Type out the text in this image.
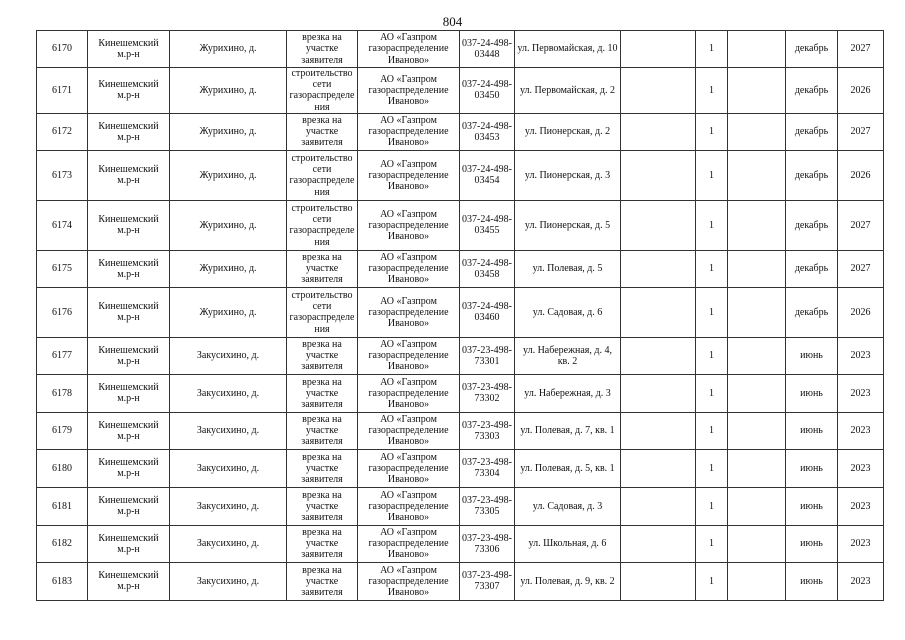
804
6170	Кинешемский м.р-н	Журихино, д.	врезка на участке заявителя	АО «Газпром газораспределение Иваново»	037-24-498-03448	ул. Первомайская, д. 10		1		декабрь	2027
6171	Кинешемский м.р-н	Журихино, д.	строительство сети газораспределения	АО «Газпром газораспределение Иваново»	037-24-498-03450	ул. Первомайская, д. 2		1		декабрь	2026
6172	Кинешемский м.р-н	Журихино, д.	врезка на участке заявителя	АО «Газпром газораспределение Иваново»	037-24-498-03453	ул. Пионерская, д. 2		1		декабрь	2027
6173	Кинешемский м.р-н	Журихино, д.	строительство сети газораспределения	АО «Газпром газораспределение Иваново»	037-24-498-03454	ул. Пионерская, д. 3		1		декабрь	2026
6174	Кинешемский м.р-н	Журихино, д.	строительство сети газораспределения	АО «Газпром газораспределение Иваново»	037-24-498-03455	ул. Пионерская, д. 5		1		декабрь	2027
6175	Кинешемский м.р-н	Журихино, д.	врезка на участке заявителя	АО «Газпром газораспределение Иваново»	037-24-498-03458	ул. Полевая, д. 5		1		декабрь	2027
6176	Кинешемский м.р-н	Журихино, д.	строительство сети газораспределения	АО «Газпром газораспределение Иваново»	037-24-498-03460	ул. Садовая, д. 6		1		декабрь	2026
6177	Кинешемский м.р-н	Закусихино, д.	врезка на участке заявителя	АО «Газпром газораспределение Иваново»	037-23-498-73301	ул. Набережная, д. 4, кв. 2		1		июнь	2023
6178	Кинешемский м.р-н	Закусихино, д.	врезка на участке заявителя	АО «Газпром газораспределение Иваново»	037-23-498-73302	ул. Набережная, д. 3		1		июнь	2023
6179	Кинешемский м.р-н	Закусихино, д.	врезка на участке заявителя	АО «Газпром газораспределение Иваново»	037-23-498-73303	ул. Полевая, д. 7, кв. 1		1		июнь	2023
6180	Кинешемский м.р-н	Закусихино, д.	врезка на участке заявителя	АО «Газпром газораспределение Иваново»	037-23-498-73304	ул. Полевая, д. 5, кв. 1		1		июнь	2023
6181	Кинешемский м.р-н	Закусихино, д.	врезка на участке заявителя	АО «Газпром газораспределение Иваново»	037-23-498-73305	ул. Садовая, д. 3		1		июнь	2023
6182	Кинешемский м.р-н	Закусихино, д.	врезка на участке заявителя	АО «Газпром газораспределение Иваново»	037-23-498-73306	ул. Школьная, д. 6		1		июнь	2023
6183	Кинешемский м.р-н	Закусихино, д.	врезка на участке заявителя	АО «Газпром газораспределение Иваново»	037-23-498-73307	ул. Полевая, д. 9, кв. 2		1		июнь	2023
